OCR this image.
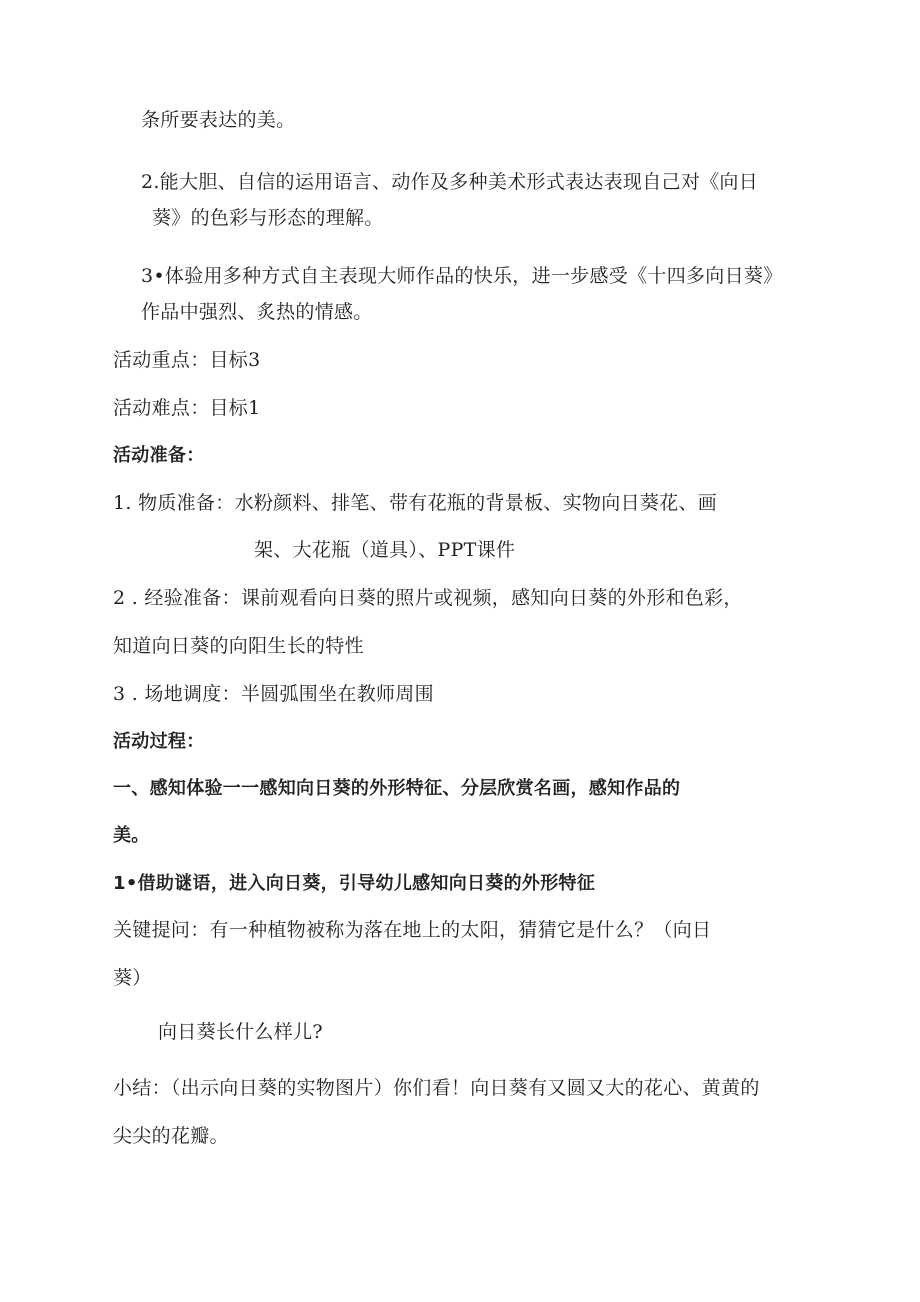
条所要表达的美。
2.能大胆、自信的运用语言、动作及多种美术形式表达表现自己对《向日
葵》的色彩与形态的理解。
3•体验用多种方式自主表现大师作品的快乐，进一步感受《十四多向日葵》
作品中强烈、炙热的情感。
活动重点：目标3
活动难点：目标1
活动准备：
1. 物质准备：水粉颜料、排笔、带有花瓶的背景板、实物向日葵花、画
架、大花瓶（道具）、PPT课件
2 . 经验准备：课前观看向日葵的照片或视频，感知向日葵的外形和色彩，
知道向日葵的向阳生长的特性
3 . 场地调度：半圆弧围坐在教师周围
活动过程：
一、感知体验一一感知向日葵的外形特征、分层欣赏名画，感知作品的
美。
1•借助谜语，进入向日葵，引导幼儿感知向日葵的外形特征
关键提问：有一种植物被称为落在地上的太阳，猜猜它是什么？（向日
葵）
向日葵长什么样儿?
小结：（出示向日葵的实物图片）你们看！向日葵有又圆又大的花心、黄黄的
尖尖的花瓣。
